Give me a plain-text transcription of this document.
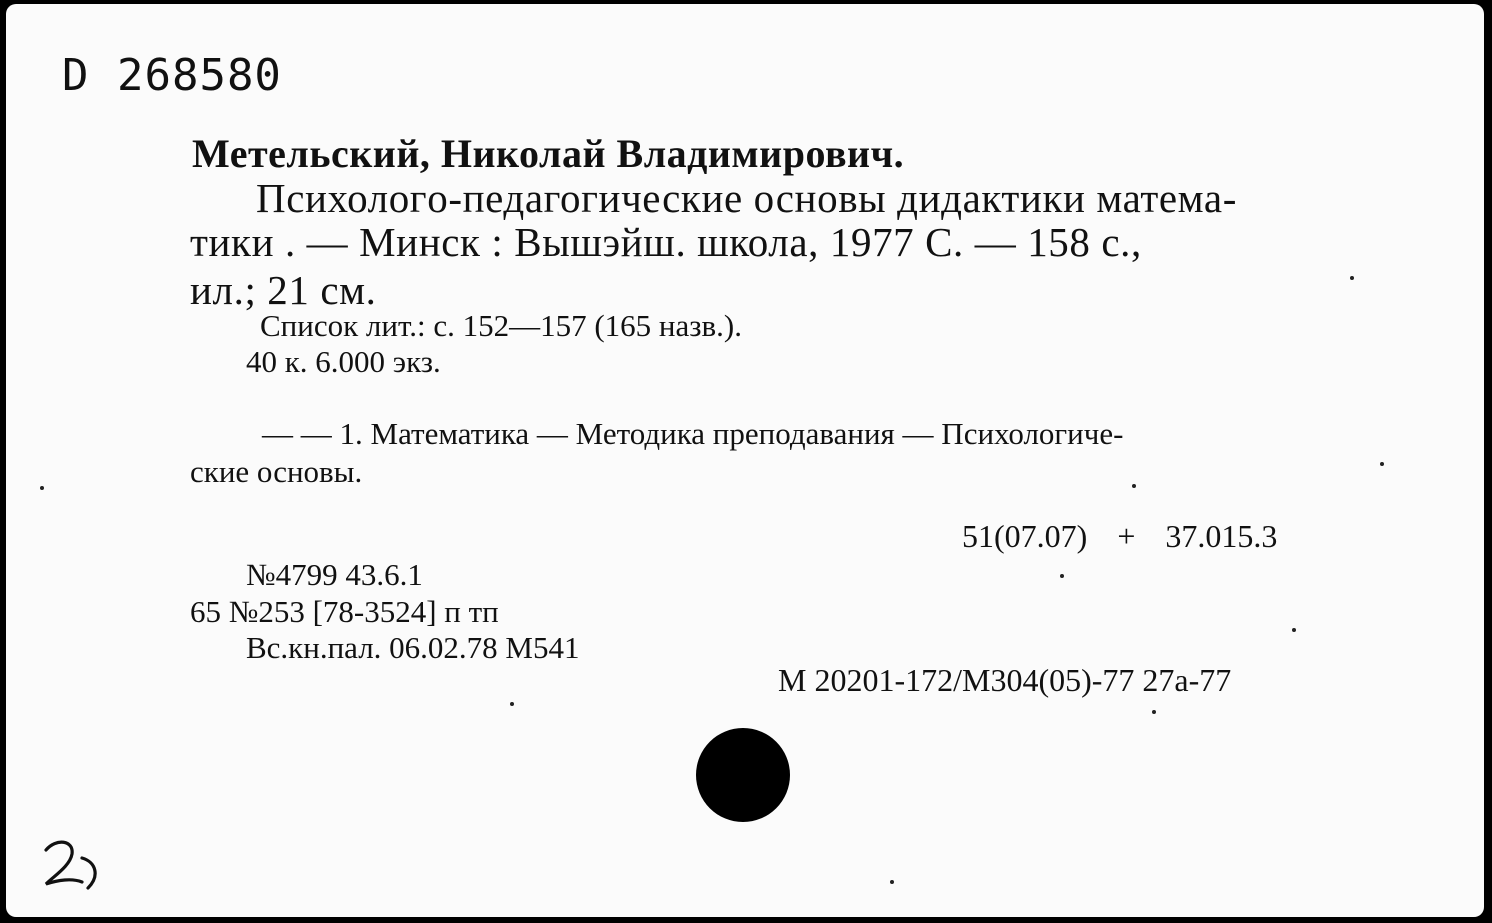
D 268580
Метельский, Николай Владимирович.
Психологo-педагогические основы дидактики матема-
тики . — Минск : Вышэйш. школа, 1977 С. — 158 с.,
ил.; 21 см.
Список лит.: с. 152—157 (165 назв.).
40 к. 6.000 экз.
— — 1. Математика — Методика преподавания — Психологиче-
ские основы.
51(07.07) + 37.015.3
№4799 43.6.1
65 №253 [78-3524] п тп
Вс.кн.пал. 06.02.78 М541
М 20201-172/М304(05)-77 27а-77
